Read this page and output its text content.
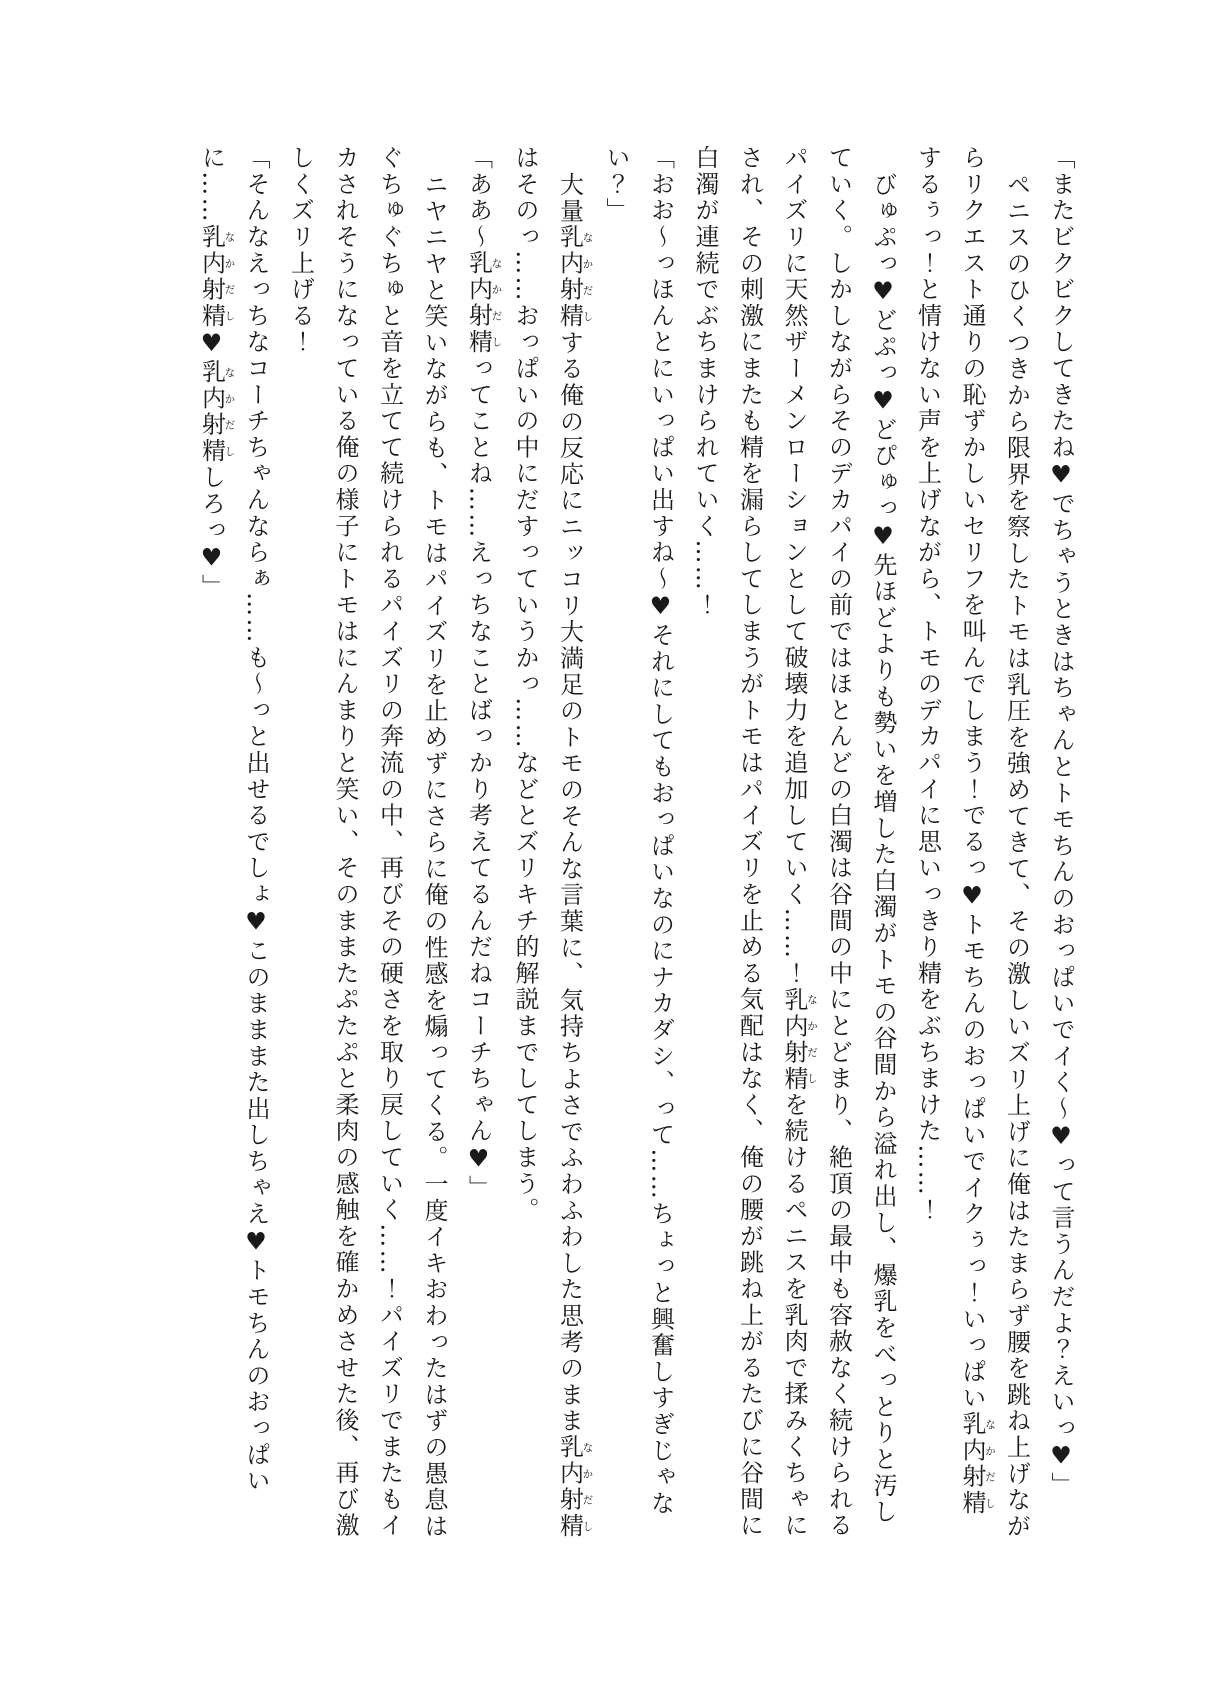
「またビクビクしてきたね♥でちゃうときはちゃんとトモちんのおっぱいでイく～♥って言うんだよ？えいっ♥」

ペニスのひくつきから限界を察したトモは乳圧を強めてきて、その激しいズリ上げに俺はたまらず腰を跳ね上げながらリクエスト通りの恥ずかしいセリフを叫んでしまう！でるっ♥トモちんのおっぱいでイクぅっ！いっぱい乳内射精なかだしするぅっ！と情けない声を上げながら、トモのデカパイに思いっきり精をぶちまけた……！

びゅぷっ♥どぷっ♥どぴゅっ♥先ほどよりも勢いを増した白濁がトモの谷間から溢れ出し、爆乳をべっとりと汚していく。しかしながらそのデカパイの前ではほとんどの白濁は谷間の中にとどまり、絶頂の最中も容赦なく続けられるパイズリに天然ザーメンローションとして破壊力を追加していく……！乳内射精なかだしを続けるペニスを乳肉で揉みくちゃにされ、その刺激にまたも精を漏らしてしまうがトモはパイズリを止める気配はなく、俺の腰が跳ね上がるたびに谷間に白濁が連続でぶちまけられていく……！

「おお～っほんとにいっぱい出すね～♥それにしてもおっぱいなのにナカダシ、って……ちょっと興奮しすぎじゃない？」

大量乳内射精なかだしする俺の反応にニッコリ大満足のトモのそんな言葉に、気持ちよさでふわふわした思考のまま乳内射精なかだしはそのっ……おっぱいの中にだすっていうかっ……などとズリキチ的解説までしてしまう。

「ああ～乳内射精なかだしってことね……えっちなことばっかり考えてるんだねコーチちゃん♥」

ニヤニヤと笑いながらも、トモはパイズリを止めずにさらに俺の性感を煽ってくる。一度イキおわったはずの愚息はぐちゅぐちゅと音を立てて続けられるパイズリの奔流の中、再びその硬さを取り戻していく……！パイズリでまたもイカされそうになっている俺の様子にトモはにんまりと笑い、そのままたぷたぷと柔肉の感触を確かめさせた後、再び激しくズリ上げる！

「そんなえっちなコーチちゃんならぁ……も～っと出せるでしょ♥このまままた出しちゃえ♥トモちんのおっぱいに……乳内射精なかだし♥乳内射精なかだししろっ♥」
